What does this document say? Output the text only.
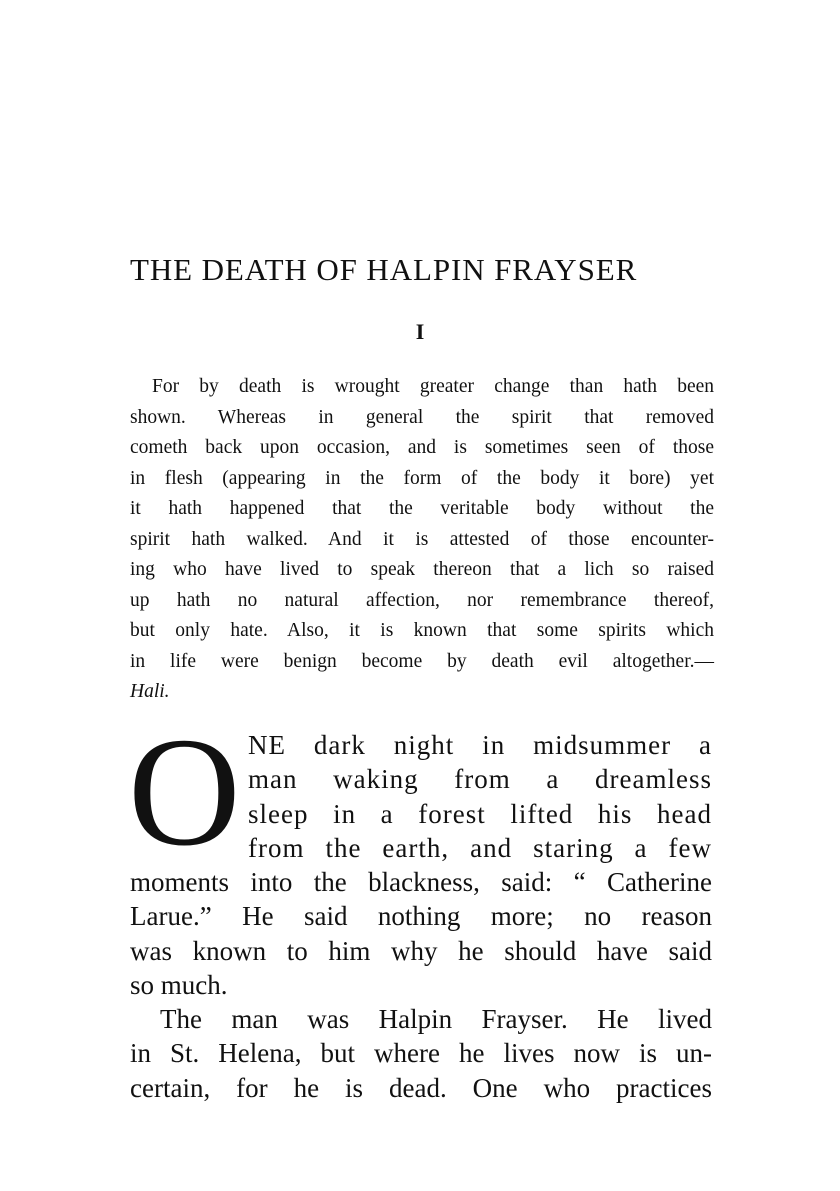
THE DEATH OF HALPIN FRAYSER
I
For by death is wrought greater change than hath been
shown. Whereas in general the spirit that removed
cometh back upon occasion, and is sometimes seen of those
in flesh (appearing in the form of the body it bore) yet
it hath happened that the veritable body without the
spirit hath walked. And it is attested of those encounter-
ing who have lived to speak thereon that a lich so raised
up hath no natural affection, nor remembrance thereof,
but only hate. Also, it is known that some spirits which
in life were benign become by death evil altogether.—
Hali.
O NE dark night in midsummer a
man waking from a dreamless
sleep in a forest lifted his head
from the earth, and staring a few
moments into the blackness, said: “ Catherine
Larue.” He said nothing more; no reason
was known to him why he should have said
so much.
The man was Halpin Frayser. He lived
in St. Helena, but where he lives now is un-
certain, for he is dead. One who practices
